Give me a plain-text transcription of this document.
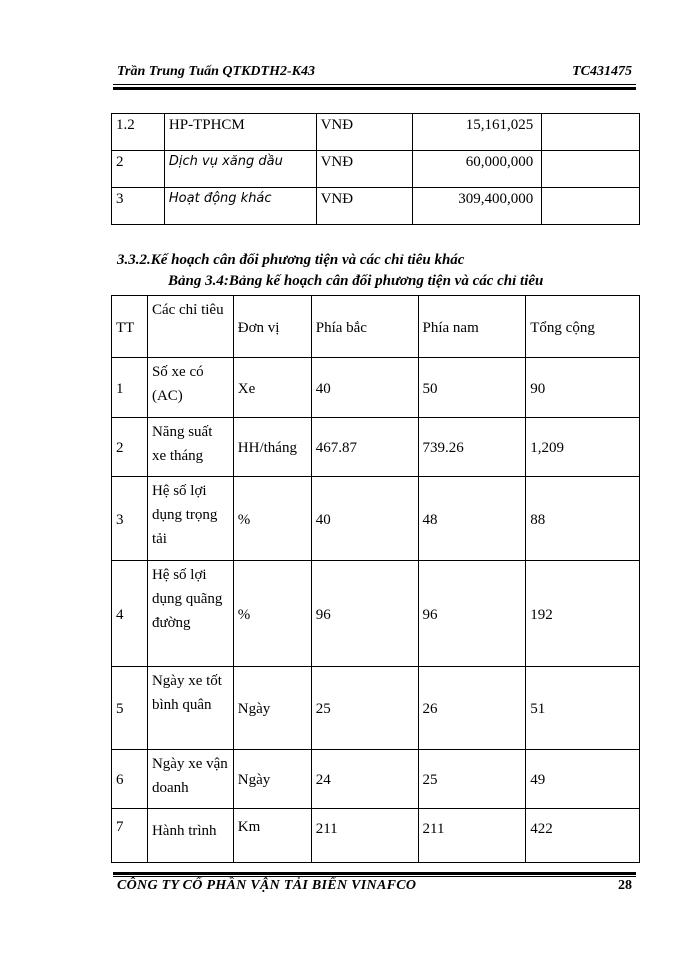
Trần Trung Tuấn QTKDTH2-K43	TC431475
1.2	HP-TPHCM	VNĐ	15,161,025	
2	Dịch vụ xăng dầu	VNĐ	60,000,000	
3	Hoạt động khác	VNĐ	309,400,000	
3.3.2.Kế hoạch cân đối phương tiện và các chỉ tiêu khác
Bảng 3.4:Bảng kế hoạch cân đối phương tiện và các chỉ tiêu
TT	Các chỉ tiêu	Đơn vị	Phía bắc	Phía nam	Tổng cộng
1	Số xe có (AC)	Xe	40	50	90
2	Năng suất xe tháng	HH/tháng	467.87	739.26	1,209
3	Hệ số lợi dụng trọng tải	%	40	48	88
4	Hệ số lợi dụng quãng đường	%	96	96	192
5	Ngày xe tốt bình quân	Ngày	25	26	51
6	Ngày xe vận doanh	Ngày	24	25	49
7	Hành trình	Km	211	211	422
CÔNG TY CỔ PHẦN VẬN TẢI BIỂN VINAFCO	28
